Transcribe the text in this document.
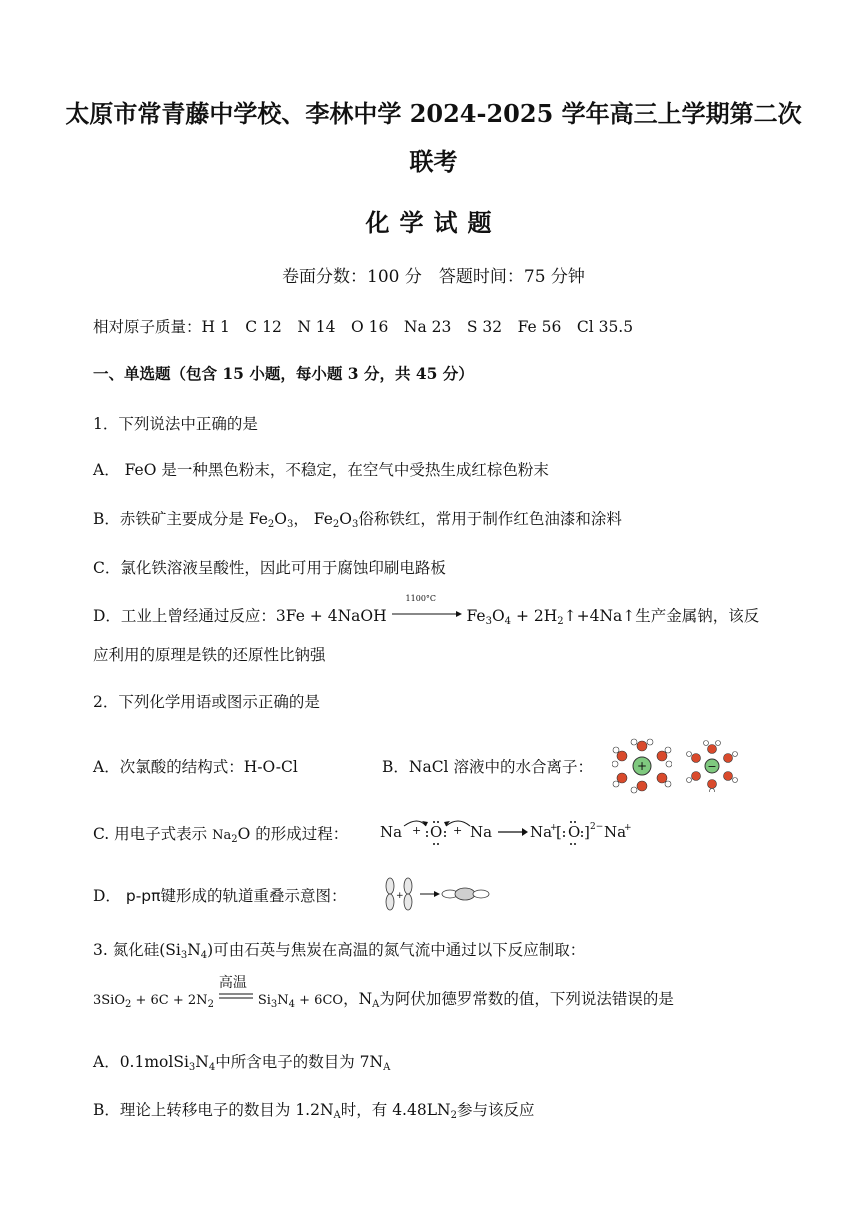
太原市常青藤中学校、李林中学 2024-2025 学年高三上学期第二次
联考
化学试题
卷面分数：100 分　答题时间：75 分钟
相对原子质量：H 1　C 12　N 14　O 16　Na 23　S 32　Fe 56　Cl 35.5
一、单选题（包含 15 小题，每小题 3 分，共 45 分）
1．下列说法中正确的是
A． FeO 是一种黑色粉末，不稳定，在空气中受热生成红棕色粉末
B．赤铁矿主要成分是 $Fe_2O_3$， $Fe_2O_3$俗称铁红，常用于制作红色油漆和涂料
C．氯化铁溶液呈酸性，因此可用于腐蚀印刷电路板
D．工业上曾经通过反应：3Fe + 4NaOH
1100°C
$Fe_3O_4$ + $2H_2↑+4Na↑$生产金属钠，该反
应利用的原理是铁的还原性比钠强
2．下列化学用语或图示正确的是
A．次氯酸的结构式：H-O-Cl	B．NaCl 溶液中的水合离子：	+	−
C. 用电子式表示 $Na_2O$ 的形成过程： Na + O + Na	Na
+
[ O ] 2− Na
+
D． p-pπ键形成的轨道重叠示意图：	+
3. 氮化硅$(Si_3N_4)$可由石英与焦炭在高温的氮气流中通过以下反应制取：
$3SiO_2 + 6C + 2N_2$
高温
$Si_3N_4 + 6CO$，$N_A$为阿伏加德罗常数的值，下列说法错误的是
A．$0.1molSi_3N_4$中所含电子的数目为 $7N_A$
B．理论上转移电子的数目为 $1.2N_A$时，有 $4.48LN_2$参与该反应
